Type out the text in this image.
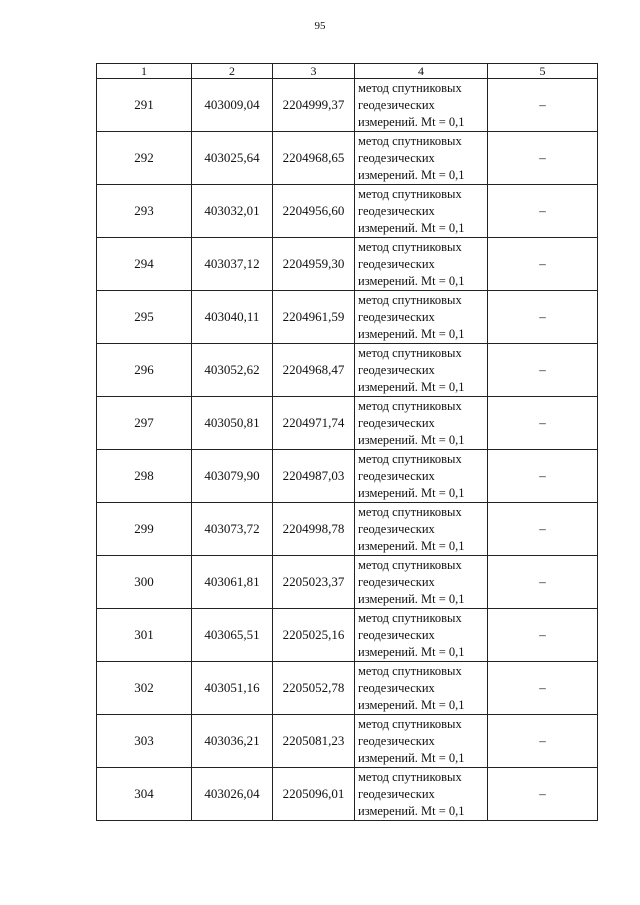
95
1	2	3	4	5
291	403009,04	2204999,37	метод спутниковых
геодезических
измерений. Mt = 0,1	–
292	403025,64	2204968,65	метод спутниковых
геодезических
измерений. Mt = 0,1	–
293	403032,01	2204956,60	метод спутниковых
геодезических
измерений. Mt = 0,1	–
294	403037,12	2204959,30	метод спутниковых
геодезических
измерений. Mt = 0,1	–
295	403040,11	2204961,59	метод спутниковых
геодезических
измерений. Mt = 0,1	–
296	403052,62	2204968,47	метод спутниковых
геодезических
измерений. Mt = 0,1	–
297	403050,81	2204971,74	метод спутниковых
геодезических
измерений. Mt = 0,1	–
298	403079,90	2204987,03	метод спутниковых
геодезических
измерений. Mt = 0,1	–
299	403073,72	2204998,78	метод спутниковых
геодезических
измерений. Mt = 0,1	–
300	403061,81	2205023,37	метод спутниковых
геодезических
измерений. Mt = 0,1	–
301	403065,51	2205025,16	метод спутниковых
геодезических
измерений. Mt = 0,1	–
302	403051,16	2205052,78	метод спутниковых
геодезических
измерений. Mt = 0,1	–
303	403036,21	2205081,23	метод спутниковых
геодезических
измерений. Mt = 0,1	–
304	403026,04	2205096,01	метод спутниковых
геодезических
измерений. Mt = 0,1	–
